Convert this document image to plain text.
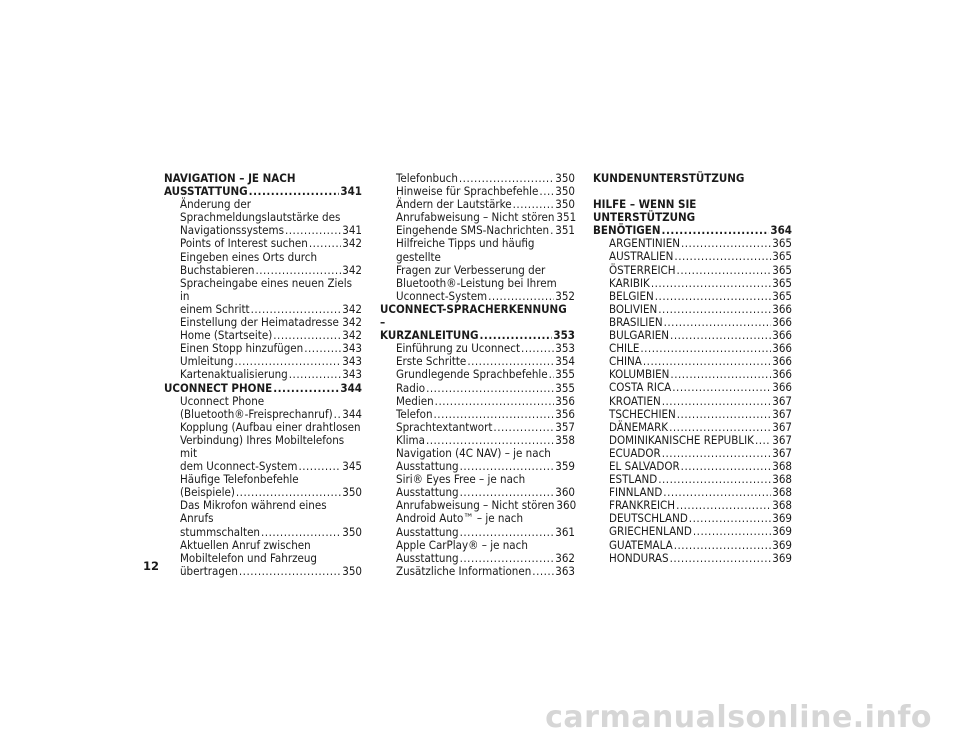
NAVIGATION – JE NACH
AUSSTATTUNG .....	341
Änderung der
Sprachmeldungslautstärke des
Navigationssystems .....	341
Points of Interest suchen .....	342
Eingeben eines Orts durch
Buchstabieren .....	342
Spracheingabe eines neuen Ziels in
einem Schritt .....	342
Einstellung der Heimatadresse ..... 342
Home (Startseite) .....	342
Einen Stopp hinzufügen .....	343
Umleitung .....	343
Kartenaktualisierung .....	343
UCONNECT PHONE .....	344
Uconnect Phone
(Bluetooth®-Freisprechanruf) ..... 344
Kopplung (Aufbau einer drahtlosen
Verbindung) Ihres Mobiltelefons mit
dem Uconnect-System .....	345
Häufige Telefonbefehle
(Beispiele) .....	350
Das Mikrofon während eines Anrufs
stummschalten .....	350
Aktuellen Anruf zwischen
Mobiltelefon und Fahrzeug
übertragen .....	350
Telefonbuch .....	350
Hinweise für Sprachbefehle ..... 350
Ändern der Lautstärke .....	350
Anrufabweisung – Nicht stören 351
Eingehende SMS-Nachrichten ..... 351
Hilfreiche Tipps und häufig gestellte
Fragen zur Verbesserung der
Bluetooth®-Leistung bei Ihrem
Uconnect-System .....	352
UCONNECT-SPRACHERKENNUNG –
KURZANLEITUNG .....	353
Einführung zu Uconnect .....	353
Erste Schritte .....	354
Grundlegende Sprachbefehle ..... 355
Radio .....	355
Medien .....	356
Telefon .....	356
Sprachtextantwort .....	357
Klima .....	358
Navigation (4C NAV) – je nach
Ausstattung .....	359
Siri® Eyes Free – je nach
Ausstattung .....	360
Anrufabweisung – Nicht stören 360
Android Auto™ – je nach
Ausstattung .....	361
Apple CarPlay® – je nach
Ausstattung .....	362
Zusätzliche Informationen ..... 363
KUNDENUNTERSTÜTZUNG
HILFE – WENN SIE UNTERSTÜTZUNG
BENÖTIGEN .....	364
ARGENTINIEN .....	365
AUSTRALIEN .....	365
ÖSTERREICH .....	365
KARIBIK .....	365
BELGIEN .....	365
BOLIVIEN .....	366
BRASILIEN .....	366
BULGARIEN .....	366
CHILE .....	366
CHINA .....	366
KOLUMBIEN .....	366
COSTA RICA .....	366
KROATIEN .....	367
TSCHECHIEN .....	367
DÄNEMARK .....	367
DOMINIKANISCHE REPUBLIK ..... 367
ECUADOR .....	367
EL SALVADOR .....	368
ESTLAND .....	368
FINNLAND .....	368
FRANKREICH .....	368
DEUTSCHLAND .....	369
GRIECHENLAND .....	369
GUATEMALA .....	369
HONDURAS .....	369
12
carmanualsonline.info
